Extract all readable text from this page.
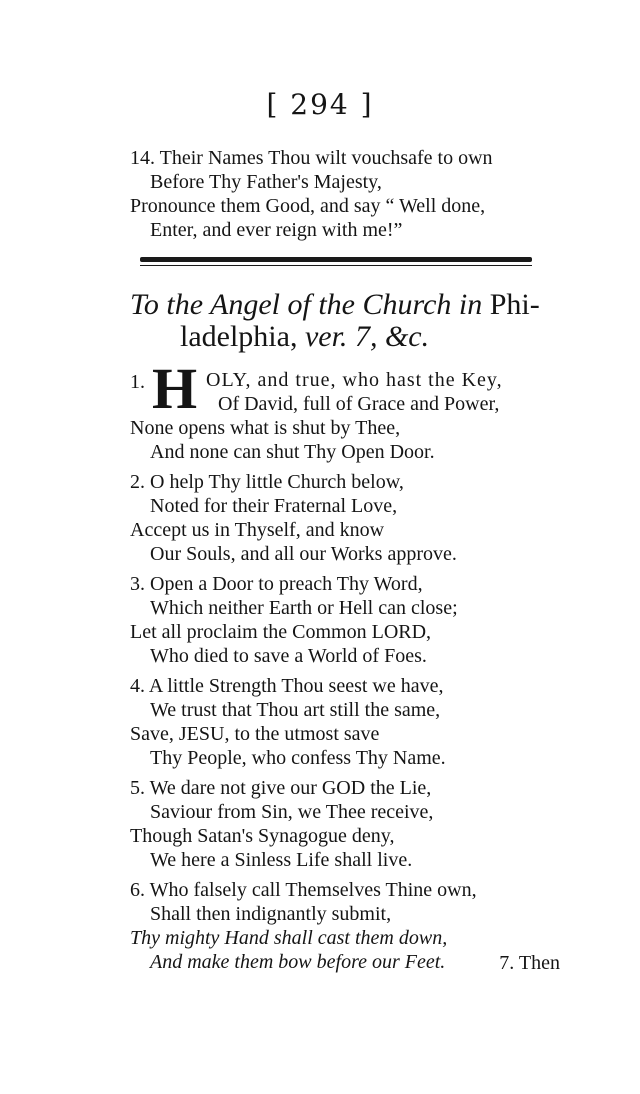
[ 294 ]
14. Their Names Thou wilt vouchsafe to own
Before Thy Father's Majesty,
Pronounce them Good, and say “ Well done,
Enter, and ever reign with me!”
To the Angel of the Church in Phi-
ladelphia, ver. 7, &c.
1. H OLY, and true, who hast the Key,
Of David, full of Grace and Power,
None opens what is shut by Thee,
And none can shut Thy Open Door.
2. O help Thy little Church below,
Noted for their Fraternal Love,
Accept us in Thyself, and know
Our Souls, and all our Works approve.
3. Open a Door to preach Thy Word,
Which neither Earth or Hell can close;
Let all proclaim the Common LORD,
Who died to save a World of Foes.
4. A little Strength Thou seest we have,
We trust that Thou art still the same,
Save, JESU, to the utmost save
Thy People, who confess Thy Name.
5. We dare not give our GOD the Lie,
Saviour from Sin, we Thee receive,
Though Satan's Synagogue deny,
We here a Sinless Life shall live.
6. Who falsely call Themselves Thine own,
Shall then indignantly submit,
Thy mighty Hand shall cast them down,
And make them bow before our Feet.	7. Then
